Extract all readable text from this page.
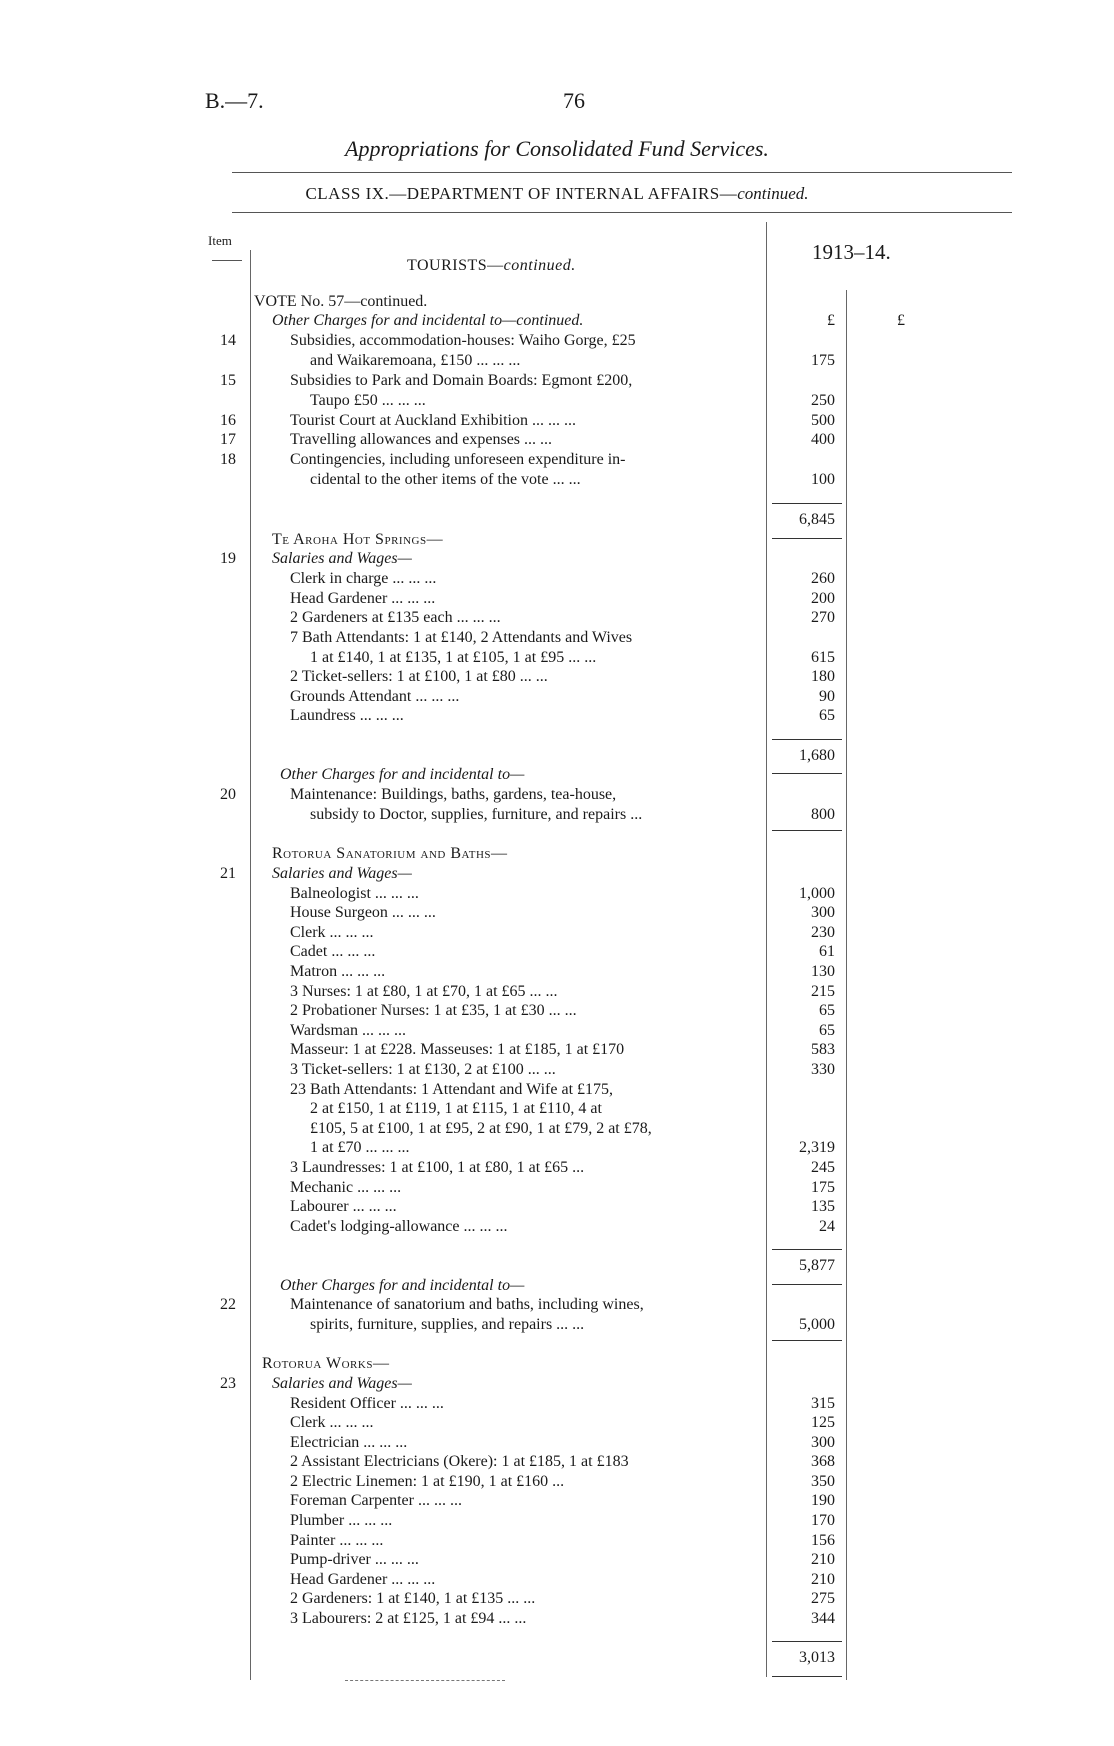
B.—7.	76
Appropriations for Consolidated Fund Services.
CLASS IX.—DEPARTMENT OF INTERNAL AFFAIRS—continued.
Item	1913–14.
TOURISTS—continued.
VOTE No. 57—continued.
Other Charges for and incidental to—continued.	£	£
14	Subsidies, accommodation-houses: Waiho Gorge, £25
and Waikaremoana, £150 ... ... ...	175
15	Subsidies to Park and Domain Boards: Egmont £200,
Taupo £50 ... ... ...	250
16	Tourist Court at Auckland Exhibition ... ... ...	500
17	Travelling allowances and expenses ... ...	400
18	Contingencies, including unforeseen expenditure in-
cidental to the other items of the vote ... ...	100
6,845
Te Aroha Hot Springs—
19	Salaries and Wages—
Clerk in charge ... ... ...	260
Head Gardener ... ... ...	200
2 Gardeners at £135 each ... ... ...	270
7 Bath Attendants: 1 at £140, 2 Attendants and Wives
1 at £140, 1 at £135, 1 at £105, 1 at £95 ... ...	615
2 Ticket-sellers: 1 at £100, 1 at £80 ... ...	180
Grounds Attendant ... ... ...	90
Laundress ... ... ...	65
1,680
Other Charges for and incidental to—
20	Maintenance: Buildings, baths, gardens, tea-house,
subsidy to Doctor, supplies, furniture, and repairs ...	800
Rotorua Sanatorium and Baths—
21	Salaries and Wages—
Balneologist ... ... ...	1,000
House Surgeon ... ... ...	300
Clerk ... ... ...	230
Cadet ... ... ...	61
Matron ... ... ...	130
3 Nurses: 1 at £80, 1 at £70, 1 at £65 ... ...	215
2 Probationer Nurses: 1 at £35, 1 at £30 ... ...	65
Wardsman ... ... ...	65
Masseur: 1 at £228. Masseuses: 1 at £185, 1 at £170	583
3 Ticket-sellers: 1 at £130, 2 at £100 ... ...	330
23 Bath Attendants: 1 Attendant and Wife at £175,
2 at £150, 1 at £119, 1 at £115, 1 at £110, 4 at
£105, 5 at £100, 1 at £95, 2 at £90, 1 at £79, 2 at £78,
1 at £70 ... ... ...	2,319
3 Laundresses: 1 at £100, 1 at £80, 1 at £65 ...	245
Mechanic ... ... ...	175
Labourer ... ... ...	135
Cadet's lodging-allowance ... ... ...	24
5,877
Other Charges for and incidental to—
22	Maintenance of sanatorium and baths, including wines,
spirits, furniture, supplies, and repairs ... ...	5,000
Rotorua Works—
23	Salaries and Wages—
Resident Officer ... ... ...	315
Clerk ... ... ...	125
Electrician ... ... ...	300
2 Assistant Electricians (Okere): 1 at £185, 1 at £183	368
2 Electric Linemen: 1 at £190, 1 at £160 ...	350
Foreman Carpenter ... ... ...	190
Plumber ... ... ...	170
Painter ... ... ...	156
Pump-driver ... ... ...	210
Head Gardener ... ... ...	210
2 Gardeners: 1 at £140, 1 at £135 ... ...	275
3 Labourers: 2 at £125, 1 at £94 ... ...	344
3,013
